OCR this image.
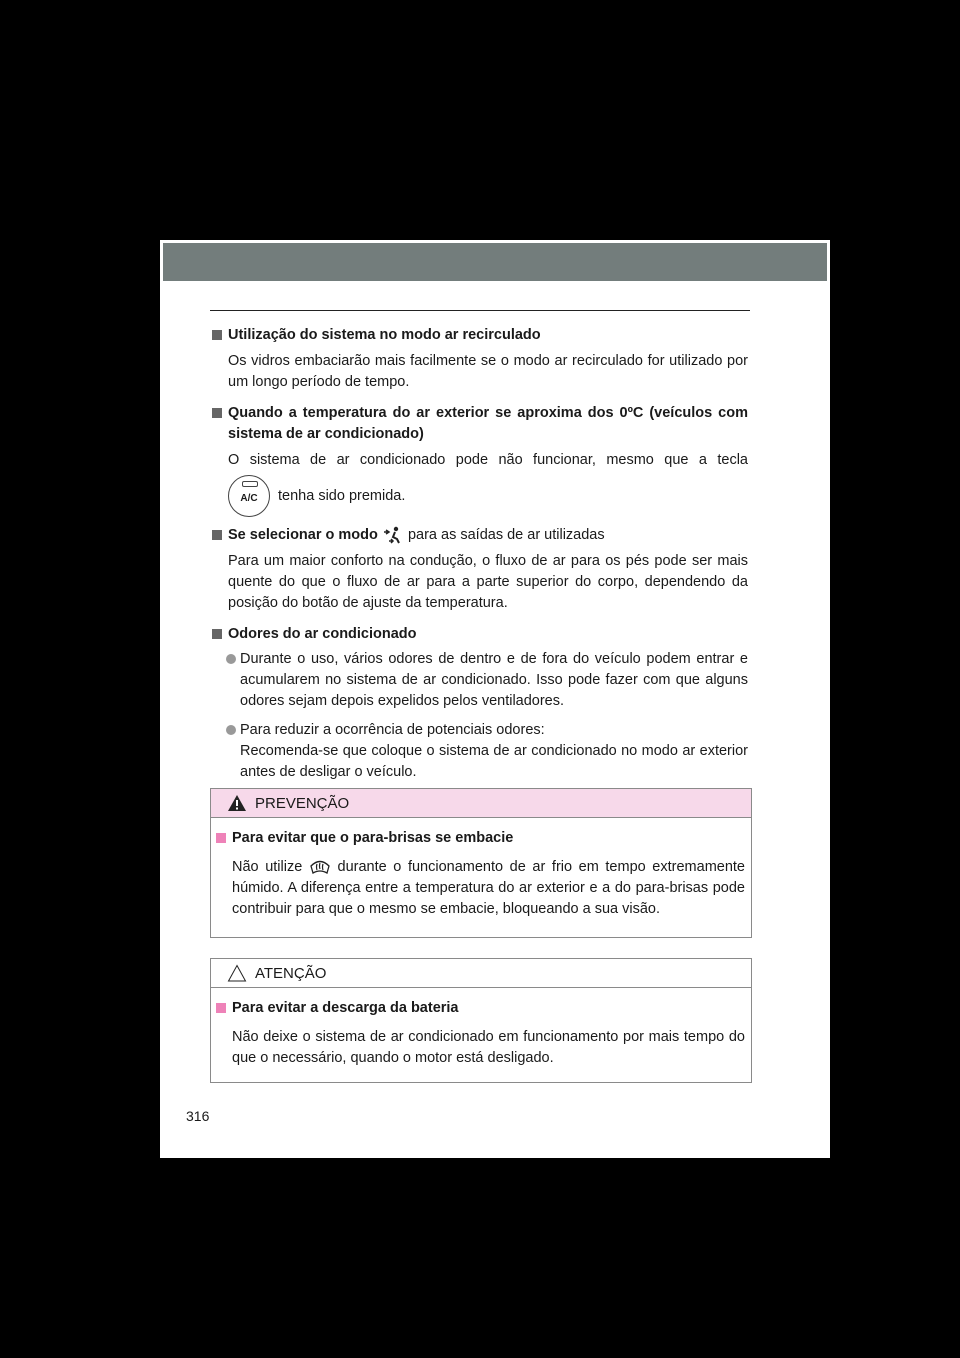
Utilização do sistema no modo ar recirculado

Os vidros embaciarão mais facilmente se o modo ar recirculado for utilizado por um longo período de tempo.

Quando a temperatura do ar exterior se aproxima dos 0ºC (veículos com sistema de ar condicionado)

O sistema de ar condicionado pode não funcionar, mesmo que a tecla

A/C tenha sido premida.

Se selecionar o modo para as saídas de ar utilizadas

Para um maior conforto na condução, o fluxo de ar para os pés pode ser mais quente do que o fluxo de ar para a parte superior do corpo, dependendo da posição do botão de ajuste da temperatura.

Odores do ar condicionado

Durante o uso, vários odores de dentro e de fora do veículo podem entrar e acumularem no sistema de ar condicionado. Isso pode fazer com que alguns odores sejam depois expelidos pelos ventiladores.
Para reduzir a ocorrência de potenciais odores:
Recomenda-se que coloque o sistema de ar condicionado no modo ar exterior antes de desligar o veículo.
PREVENÇÃO

Para evitar que o para-brisas se embacie

Não utilize durante o funcionamento de ar frio em tempo extremamente húmido. A diferença entre a temperatura do ar exterior e a do para-brisas pode contribuir para que o mesmo se embacie, bloqueando a sua visão.

ATENÇÃO

Para evitar a descarga da bateria

Não deixe o sistema de ar condicionado em funcionamento por mais tempo do que o necessário, quando o motor está desligado.

316
